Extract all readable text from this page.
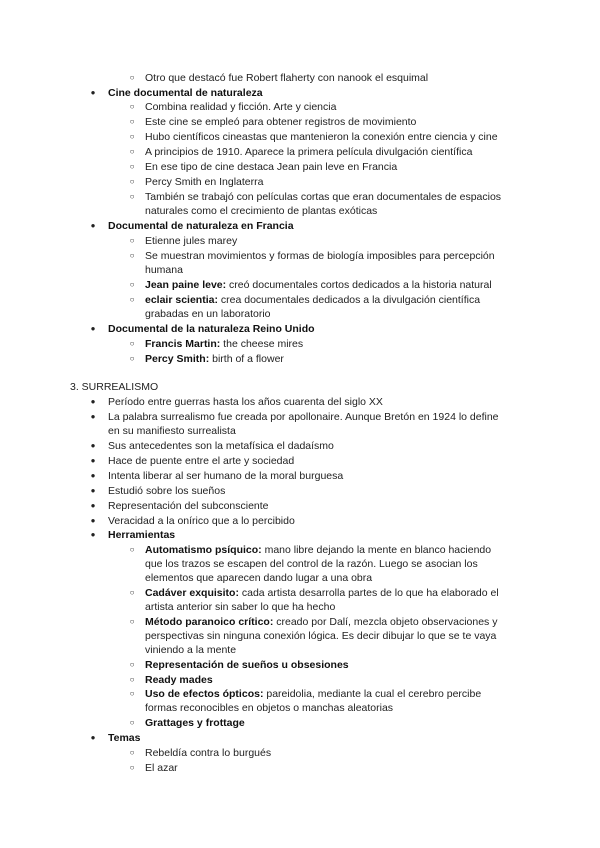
○ Otro que destacó fue Robert flaherty con nanook el esquimal
● Cine documental de naturaleza
○ Combina realidad y ficción. Arte y ciencia
○ Este cine se empleó para obtener registros de movimiento
○ Hubo científicos cineastas que mantenieron la conexión entre ciencia y cine
○ A principios de 1910. Aparece la primera película divulgación científica
○ En ese tipo de cine destaca Jean pain leve en Francia
○ Percy Smith en Inglaterra
○ También se trabajó con películas cortas que eran documentales de espacios
naturales como el crecimiento de plantas exóticas
● Documental de naturaleza en Francia
○ Etienne jules marey
○ Se muestran movimientos y formas de biología imposibles para percepción
humana
○ Jean paine leve: creó documentales cortos dedicados a la historia natural
○ eclair scientia: crea documentales dedicados a la divulgación científica
grabadas en un laboratorio
● Documental de la naturaleza Reino Unido
○ Francis Martin: the cheese mires
○ Percy Smith: birth of a flower
3. SURREALISMO
● Período entre guerras hasta los años cuarenta del siglo XX
● La palabra surrealismo fue creada por apollonaire. Aunque Bretón en 1924 lo define
en su manifiesto surrealista
● Sus antecedentes son la metafísica el dadaísmo
● Hace de puente entre el arte y sociedad
● Intenta liberar al ser humano de la moral burguesa
● Estudió sobre los sueños
● Representación del subconsciente
● Veracidad a la onírico que a lo percibido
● Herramientas
○ Automatismo psíquico: mano libre dejando la mente en blanco haciendo
que los trazos se escapen del control de la razón. Luego se asocian los
elementos que aparecen dando lugar a una obra
○ Cadáver exquisito: cada artista desarrolla partes de lo que ha elaborado el
artista anterior sin saber lo que ha hecho
○ Método paranoico crítico: creado por Dalí, mezcla objeto observaciones y
perspectivas sin ninguna conexión lógica. Es decir dibujar lo que se te vaya
viniendo a la mente
○ Representación de sueños u obsesiones
○ Ready mades
○ Uso de efectos ópticos: pareidolia, mediante la cual el cerebro percibe
formas reconocibles en objetos o manchas aleatorias
○ Grattages y frottage
● Temas
○ Rebeldía contra lo burgués
○ El azar
